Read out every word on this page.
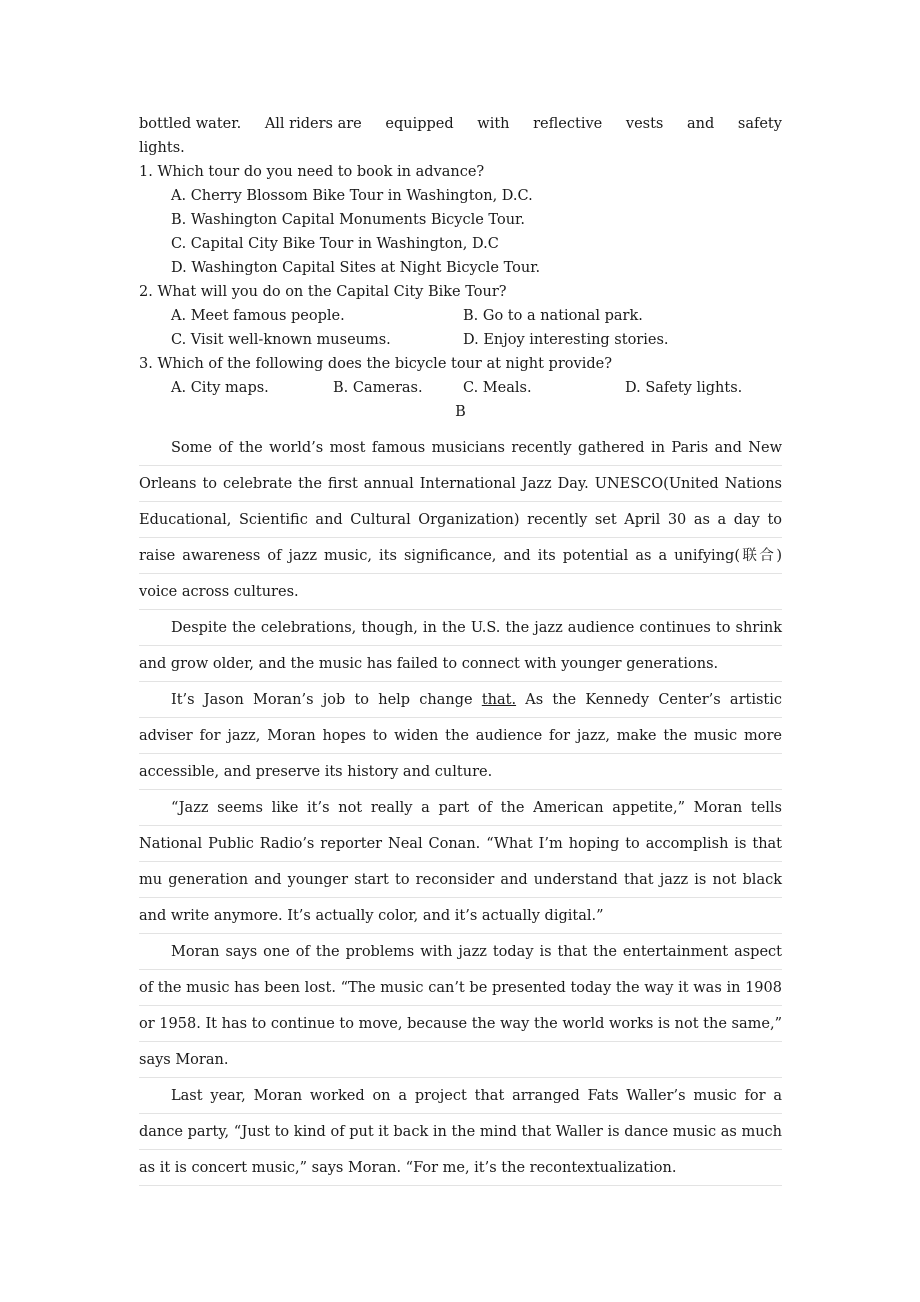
bottled water. All riders are equipped with reflective vests and safety
lights.
1. Which tour do you need to book in advance?
A. Cherry Blossom Bike Tour in Washington, D.C.
B. Washington Capital Monuments Bicycle Tour.
C. Capital City Bike Tour in Washington, D.C
D. Washington Capital Sites at Night Bicycle Tour.
2. What will you do on the Capital City Bike Tour?
A. Meet famous people.	B. Go to a national park.
C. Visit well-known museums.	D. Enjoy interesting stories.
3. Which of the following does the bicycle tour at night provide?
A. City maps.	B. Cameras.	C. Meals.	D. Safety lights.
B

Some of the world’s most famous musicians recently gathered in Paris and New Orleans to celebrate the first annual International Jazz Day. UNESCO(United Nations Educational, Scientific and Cultural Organization) recently set April 30 as a day to raise awareness of jazz music, its significance, and its potential as a unifying(联合) voice across cultures.

Despite the celebrations, though, in the U.S. the jazz audience continues to shrink and grow older, and the music has failed to connect with younger generations.

It’s Jason Moran’s job to help change that. As the Kennedy Center’s artistic adviser for jazz, Moran hopes to widen the audience for jazz, make the music more accessible, and preserve its history and culture.

“Jazz seems like it’s not really a part of the American appetite,” Moran tells National Public Radio’s reporter Neal Conan. “What I’m hoping to accomplish is that mu generation and younger start to reconsider and understand that jazz is not black and write anymore. It’s actually color, and it’s actually digital.”

Moran says one of the problems with jazz today is that the entertainment aspect of the music has been lost. “The music can’t be presented today the way it was in 1908 or 1958. It has to continue to move, because the way the world works is not the same,” says Moran.

Last year, Moran worked on a project that arranged Fats Waller’s music for a dance party, “Just to kind of put it back in the mind that Waller is dance music as much as it is concert music,” says Moran. “For me, it’s the recontextualization.
